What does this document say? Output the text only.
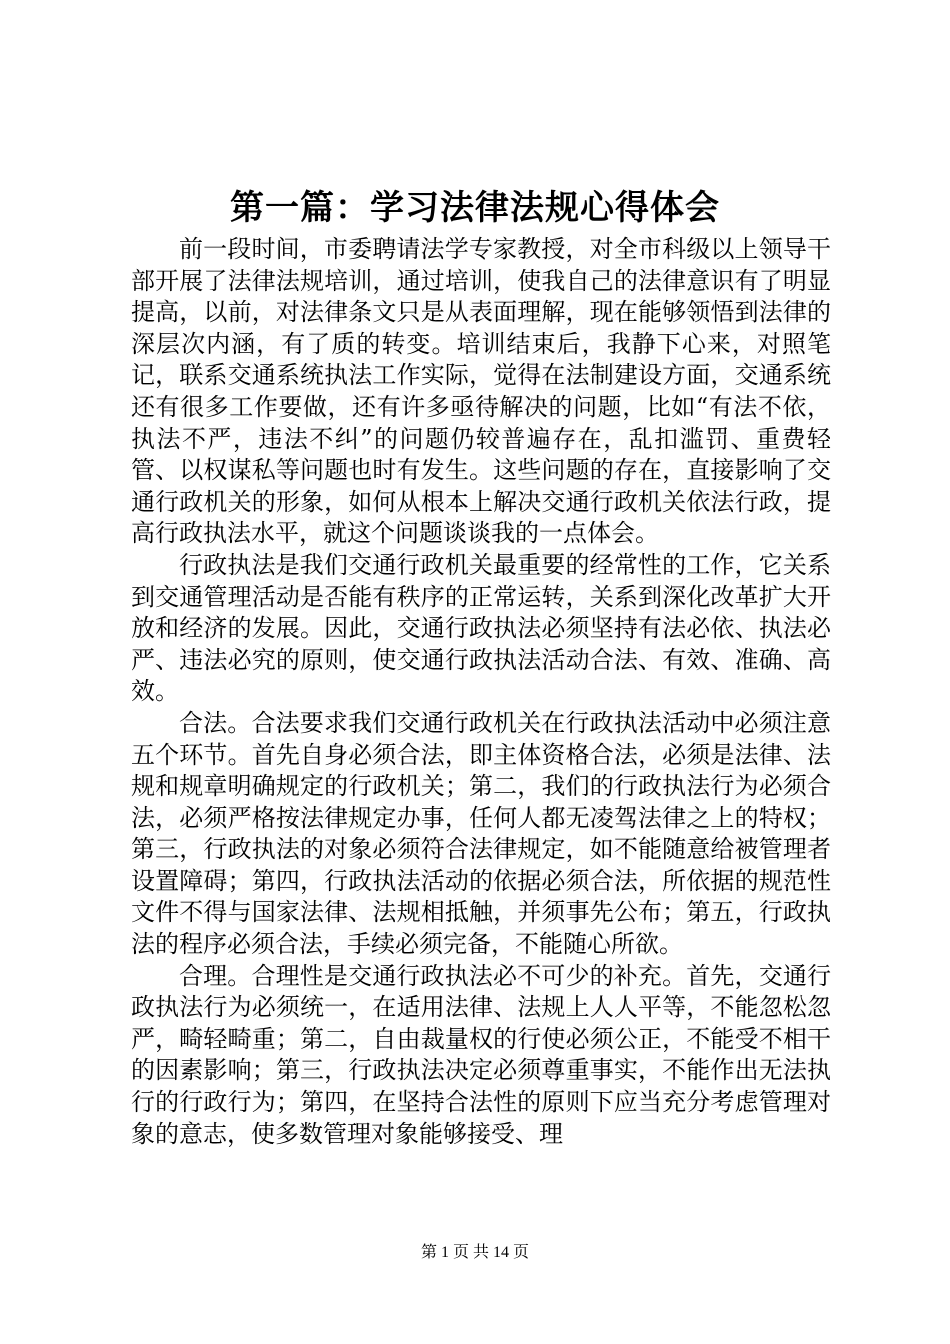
第一篇：学习法律法规心得体会

前一段时间，市委聘请法学专家教授，对全市科级以上领导干部开展了法律法规培训，通过培训，使我自己的法律意识有了明显提高，以前，对法律条文只是从表面理解，现在能够领悟到法律的深层次内涵，有了质的转变。培训结束后，我静下心来，对照笔记，联系交通系统执法工作实际，觉得在法制建设方面，交通系统还有很多工作要做，还有许多亟待解决的问题，比如“有法不依，执法不严，违法不纠”的问题仍较普遍存在，乱扣滥罚、重费轻管、以权谋私等问题也时有发生。这些问题的存在，直接影响了交通行政机关的形象，如何从根本上解决交通行政机关依法行政，提高行政执法水平，就这个问题谈谈我的一点体会。

行政执法是我们交通行政机关最重要的经常性的工作，它关系到交通管理活动是否能有秩序的正常运转，关系到深化改革扩大开放和经济的发展。因此，交通行政执法必须坚持有法必依、执法必严、违法必究的原则，使交通行政执法活动合法、有效、准确、高效。

合法。合法要求我们交通行政机关在行政执法活动中必须注意五个环节。首先自身必须合法，即主体资格合法，必须是法律、法规和规章明确规定的行政机关；第二，我们的行政执法行为必须合法，必须严格按法律规定办事，任何人都无凌驾法律之上的特权；第三，行政执法的对象必须符合法律规定，如不能随意给被管理者设置障碍；第四，行政执法活动的依据必须合法，所依据的规范性文件不得与国家法律、法规相抵触，并须事先公布；第五，行政执法的程序必须合法，手续必须完备，不能随心所欲。

合理。合理性是交通行政执法必不可少的补充。首先，交通行政执法行为必须统一，在适用法律、法规上人人平等，不能忽松忽严，畸轻畸重；第二，自由裁量权的行使必须公正，不能受不相干的因素影响；第三，行政执法决定必须尊重事实，不能作出无法执行的行政行为；第四，在坚持合法性的原则下应当充分考虑管理对象的意志，使多数管理对象能够接受、理

第 1 页 共 14 页
